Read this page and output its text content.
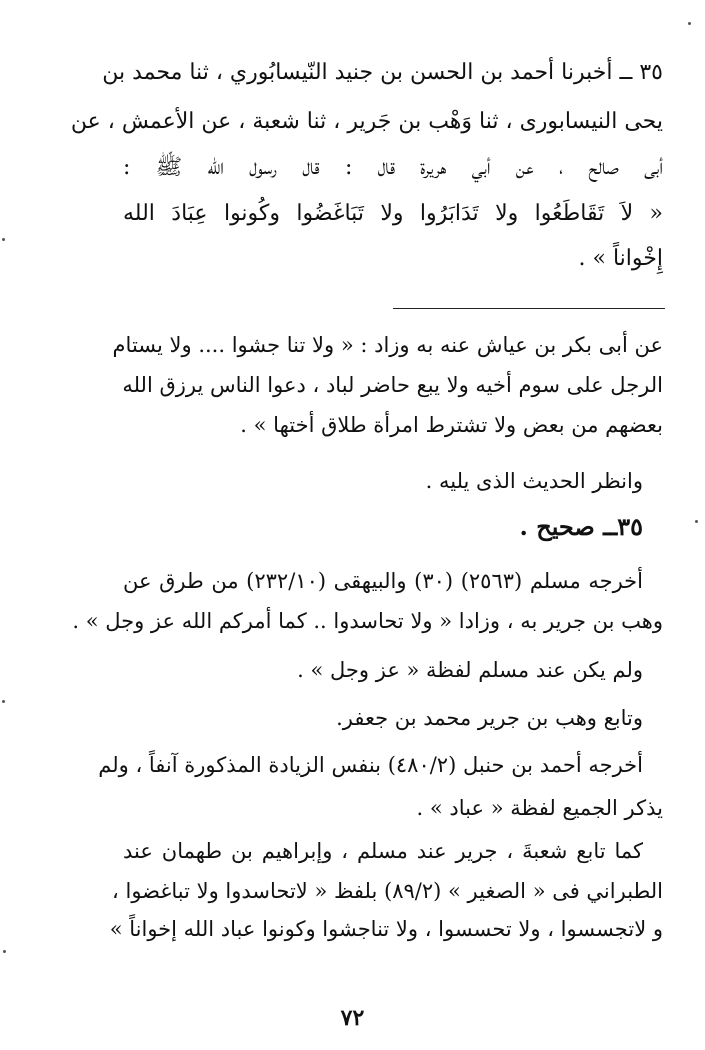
٣٥ ــ أخبرنا أحمد بن الحسن بن جنيد النّيسابُوري ، ثنا محمد بن
يحى النيسابورى ، ثنا وَهْب بن جَرير ، ثنا شعبة ، عن الأعمش ، عن
أبى صالح ، عن أبي هريرة قال : قال رسول الله ﷺ :
« لاَ تَقَاطَعُوا ولا تَدَابَرُوا ولا تَبَاغَضُوا وكُونوا عِبَادَ الله
إِخْواناً » .
عن أبى بكر بن عياش عنه به وزاد : « ولا تنا جشوا .... ولا يستام
الرجل على سوم أخيه ولا يبع حاضر لباد ، دعوا الناس يرزق الله
بعضهم من بعض ولا تشترط امرأة طلاق أختها » .
وانظر الحديث الذى يليه .
٣٥ــ صحيح .
أخرجه مسلم (٢٥٦٣) (٣٠) والبيهقى (٢٣٢/١٠) من طرق عن
وهب بن جرير به ، وزادا « ولا تحاسدوا .. كما أمركم الله عز وجل » .
ولم يكن عند مسلم لفظة « عز وجل » .
وتابع وهب بن جرير محمد بن جعفر.
أخرجه أحمد بن حنبل (٤٨٠/٢) بنفس الزيادة المذكورة آنفاً ، ولم
يذكر الجميع لفظة « عباد » .
كما تابع شعبةَ ، جرير عند مسلم ، وإبراهيم بن طهمان عند
الطبراني فى « الصغير » (٨٩/٢) بلفظ « لاتحاسدوا ولا تباغضوا ،
و لاتجسسوا ، ولا تحسسوا ، ولا تناجشوا وكونوا عباد الله إخواناً »
٧٢
